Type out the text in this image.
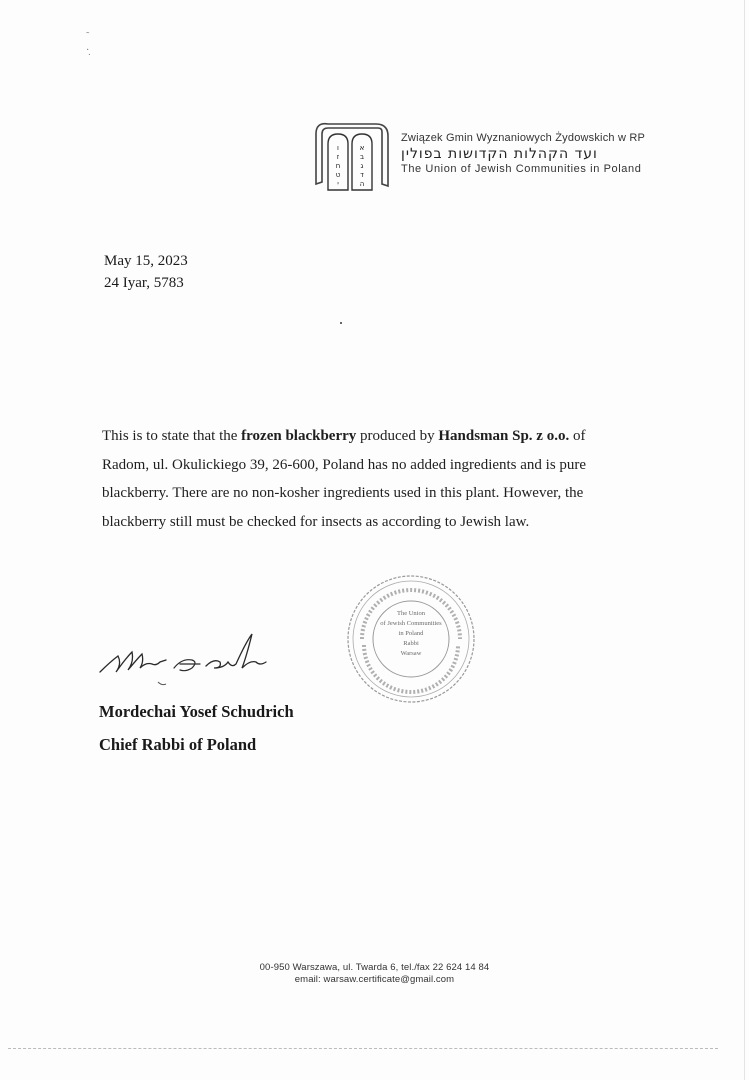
˜
·̣
ו
ז
ח
ט
י
א
ב
ג
ד
ה
Związek Gmin Wyznaniowych Żydowskich w RP
ועד הקהלות הקדושות בפולין
The Union of Jewish Communities in Poland
May 15, 2023
24 Iyar, 5783
This is to state that the frozen blackberry produced by Handsman Sp. z o.o. of
Radom, ul. Okulickiego 39, 26-600, Poland has no added ingredients and is pure
blackberry. There are no non-kosher ingredients used in this plant. However, the
blackberry still must be checked for insects as according to Jewish law.
The Union
of Jewish Communities
in Poland
Rabbi
Warsaw
Mordechai Yosef Schudrich
Chief Rabbi of Poland
00-950 Warszawa, ul. Twarda 6, tel./fax 22 624 14 84
email: warsaw.certificate@gmail.com
